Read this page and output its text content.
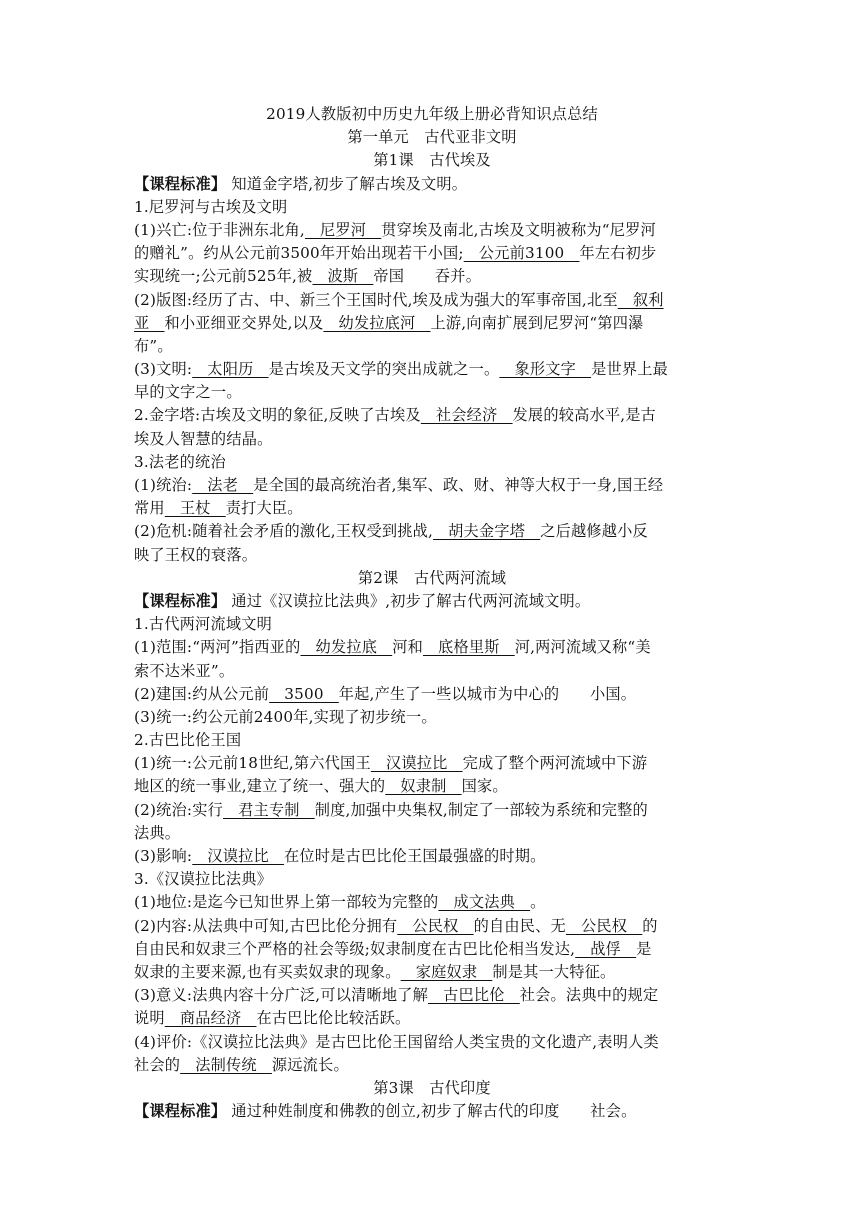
2019人教版初中历史九年级上册必背知识点总结
第一单元　古代亚非文明
第1课　古代埃及
【课程标准】 知道金字塔,初步了解古埃及文明。
1.尼罗河与古埃及文明
(1)兴亡:位于非洲东北角,   尼罗河   贯穿埃及南北,古埃及文明被称为“尼罗河
的赠礼”。约从公元前3500年开始出现若干小国;   公元前3100   年左右初步
实现统一;公元前525年,被   波斯   帝国　　吞并。
(2)版图:经历了古、中、新三个王国时代,埃及成为强大的军事帝国,北至   叙利
亚   和小亚细亚交界处,以及   幼发拉底河   上游,向南扩展到尼罗河“第四瀑
布”。
(3)文明:   太阳历   是古埃及天文学的突出成就之一。   象形文字   是世界上最
早的文字之一。
2.金字塔:古埃及文明的象征,反映了古埃及   社会经济   发展的较高水平,是古
埃及人智慧的结晶。
3.法老的统治
(1)统治:   法老   是全国的最高统治者,集军、政、财、神等大权于一身,国王经
常用   王杖   责打大臣。
(2)危机:随着社会矛盾的激化,王权受到挑战,   胡夫金字塔   之后越修越小反
映了王权的衰落。
第2课　古代两河流域
【课程标准】 通过《汉谟拉比法典》,初步了解古代两河流域文明。
1.古代两河流域文明
(1)范围:“两河”指西亚的   幼发拉底   河和   底格里斯   河,两河流域又称“美
索不达米亚”。
(2)建国:约从公元前   3500   年起,产生了一些以城市为中心的　　小国。
(3)统一:约公元前2400年,实现了初步统一。
2.古巴比伦王国
(1)统一:公元前18世纪,第六代国王   汉谟拉比   完成了整个两河流域中下游
地区的统一事业,建立了统一、强大的   奴隶制   国家。
(2)统治:实行   君主专制   制度,加强中央集权,制定了一部较为系统和完整的
法典。
(3)影响:   汉谟拉比   在位时是古巴比伦王国最强盛的时期。
3.《汉谟拉比法典》
(1)地位:是迄今已知世界上第一部较为完整的   成文法典   。
(2)内容:从法典中可知,古巴比伦分拥有   公民权   的自由民、无   公民权   的
自由民和奴隶三个严格的社会等级;奴隶制度在古巴比伦相当发达,   战俘   是
奴隶的主要来源,也有买卖奴隶的现象。   家庭奴隶   制是其一大特征。
(3)意义:法典内容十分广泛,可以清晰地了解   古巴比伦   社会。法典中的规定
说明   商品经济   在古巴比伦比较活跃。
(4)评价:《汉谟拉比法典》是古巴比伦王国留给人类宝贵的文化遗产,表明人类
社会的   法制传统   源远流长。
第3课　古代印度
【课程标准】 通过种姓制度和佛教的创立,初步了解古代的印度　　社会。
